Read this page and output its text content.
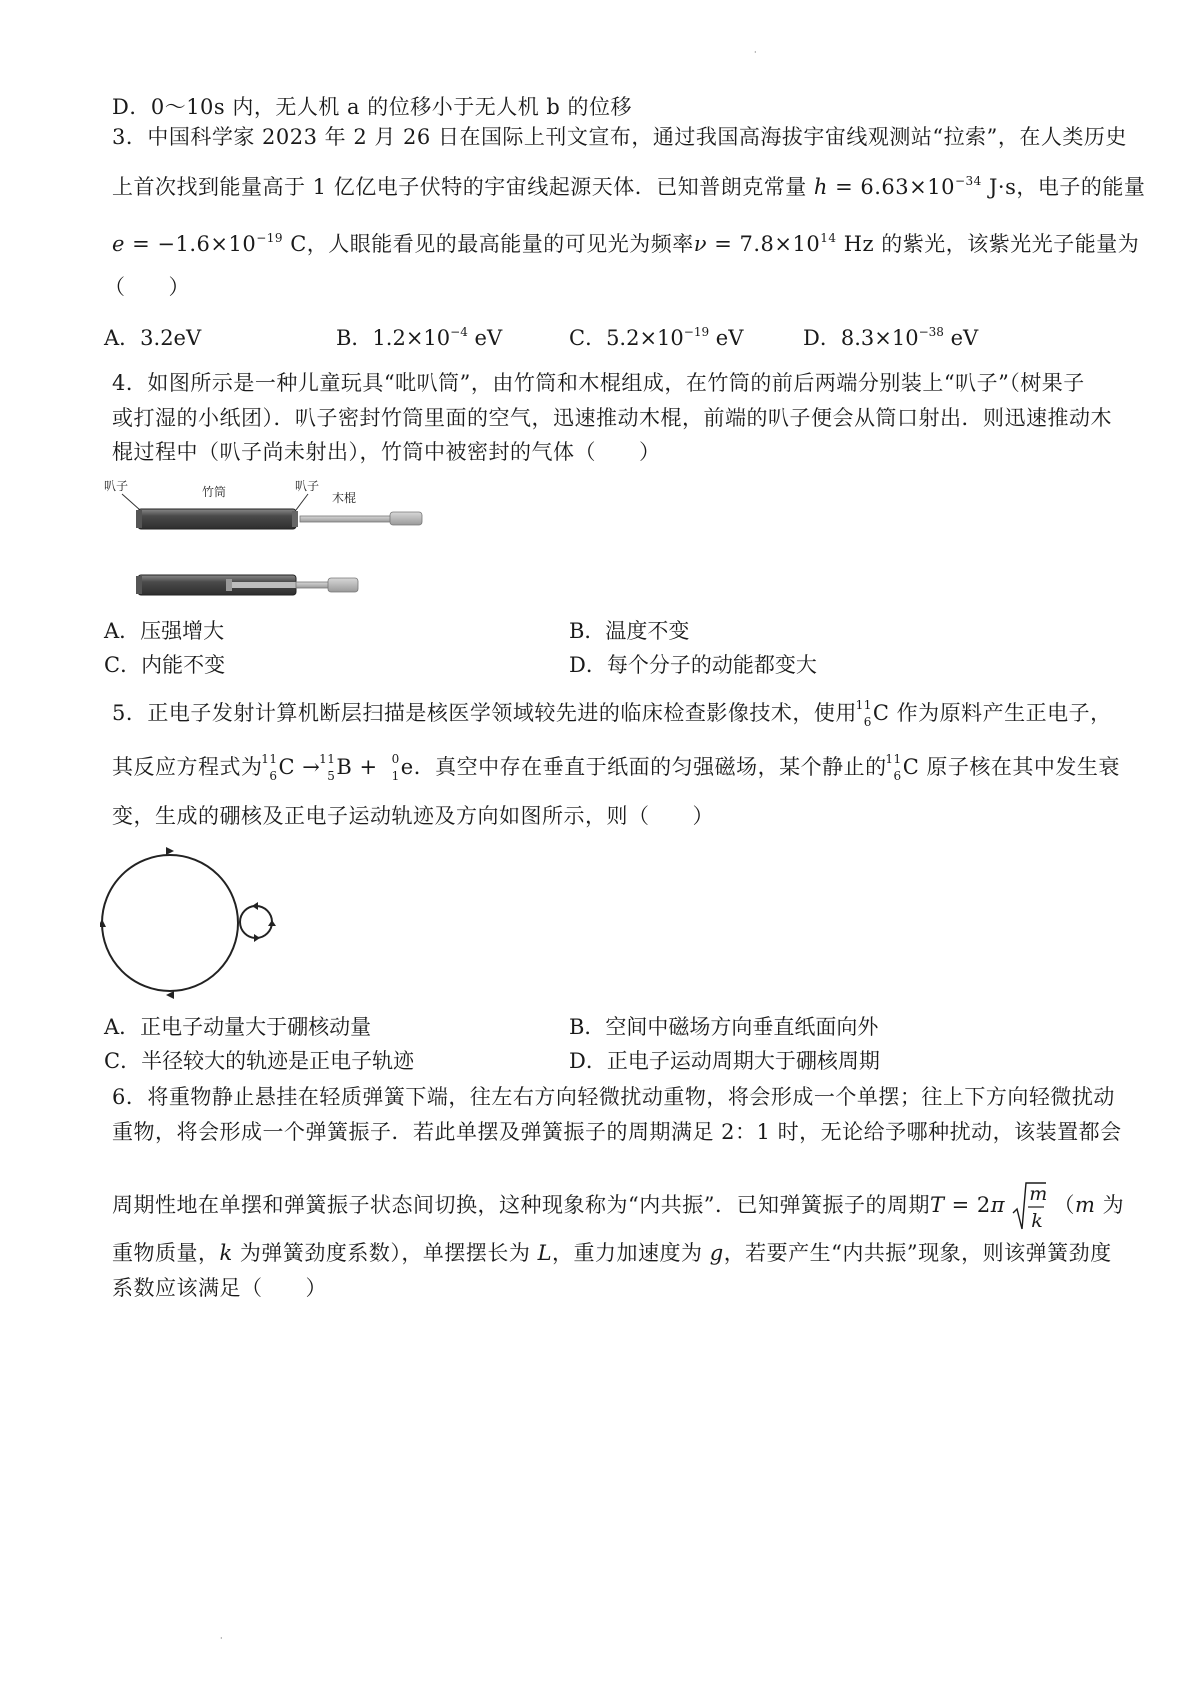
D．0～10s 内，无人机 a 的位移小于无人机 b 的位移
3．中国科学家 2023 年 2 月 26 日在国际上刊文宣布，通过我国高海拔宇宙线观测站“拉索”，在人类历史
上首次找到能量高于 1 亿亿电子伏特的宇宙线起源天体．已知普朗克常量 $h = 6.63\times 10^{-34}$ J·s，电子的能量
$e = -1.6\times 10^{-19}$ C，人眼能看见的最高能量的可见光为频率$\nu = 7.8\times 10^{14}$ Hz 的紫光，该紫光光子能量为
（　　）
A．3.2eV	B．$1.2\times 10^{-4}$ eV	C．$5.2\times 10^{-19}$ eV	D．$8.3\times 10^{-38}$ eV
4．如图所示是一种儿童玩具“吡叭筒”，由竹筒和木棍组成，在竹筒的前后两端分别装上“叭子”（树果子
或打湿的小纸团）．叭子密封竹筒里面的空气，迅速推动木棍，前端的叭子便会从筒口射出．则迅速推动木
棍过程中（叭子尚未射出），竹筒中被密封的气体（　　）
叭子	竹筒	叭子
木棍
A．压强增大	B．温度不变
C．内能不变	D．每个分子的动能都变大
5．正电子发射计算机断层扫描是核医学领域较先进的临床检查影像技术，使用
11
6 C 作为原料产生正电子，
其反应方程式为
11
6 C →
11
5 B + 0
1 e．真空中存在垂直于纸面的匀强磁场，某个静止的
11
6 C 原子核在其中发生衰
变，生成的硼核及正电子运动轨迹及方向如图所示，则（　　）
A．正电子动量大于硼核动量	B．空间中磁场方向垂直纸面向外
C．半径较大的轨迹是正电子轨迹	D．正电子运动周期大于硼核周期
6．将重物静止悬挂在轻质弹簧下端，往左右方向轻微扰动重物，将会形成一个单摆；往上下方向轻微扰动
重物，将会形成一个弹簧振子．若此单摆及弹簧振子的周期满足 2：1 时，无论给予哪种扰动，该装置都会
周期性地在单摆和弹簧振子状态间切换，这种现象称为“内共振”．已知弹簧振子的周期T = 2π m
k
（m 为
重物质量，k 为弹簧劲度系数），单摆摆长为 L，重力加速度为 g，若要产生“内共振”现象，则该弹簧劲度
系数应该满足（　　）
·
·
